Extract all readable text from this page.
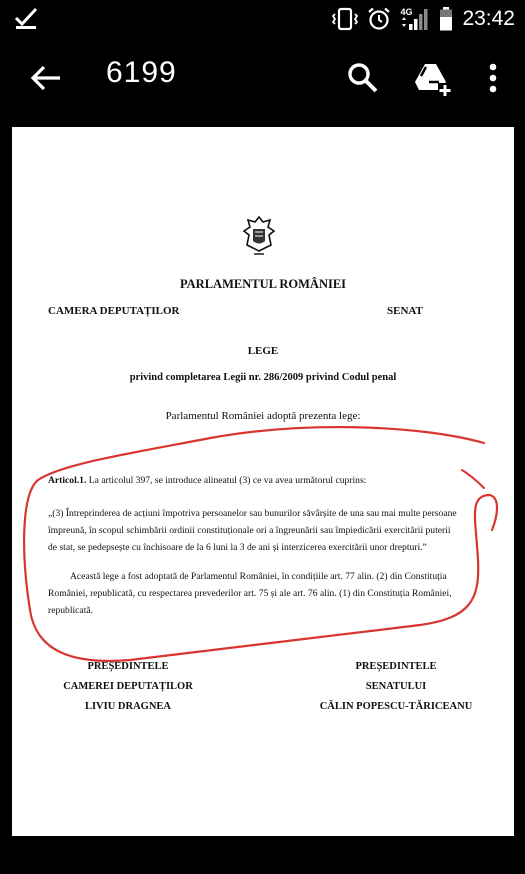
4G 23:42
6199
PARLAMENTUL ROMÂNIEI
CAMERA DEPUTAȚILOR	SENAT
LEGE
privind completarea Legii nr. 286/2009 privind Codul penal
Parlamentul României adoptă prezenta lege:
Articol.1. La articolul 397, se introduce alineatul (3) ce va avea următorul cuprins:
„(3) Întreprinderea de acțiuni împotriva persoanelor sau bunurilor săvârșite de una sau mai multe persoane
împreună, în scopul schimbării ordinii constituționale ori a îngreunării sau împiedicării exercitării puterii
de stat, se pedepsește cu închisoare de la 6 luni la 3 de ani și interzicerea exercitării unor drepturi.”
Această lege a fost adoptată de Parlamentul României, în condițiile art. 77 alin. (2) din Constituția
României, republicată, cu respectarea prevederilor art. 75 și ale art. 76 alin. (1) din Constituția României,
republicată.
PREȘEDINTELE
CAMEREI DEPUTAȚILOR
LIVIU DRAGNEA
PREȘEDINTELE
SENATULUI
CĂLIN POPESCU-TĂRICEANU
